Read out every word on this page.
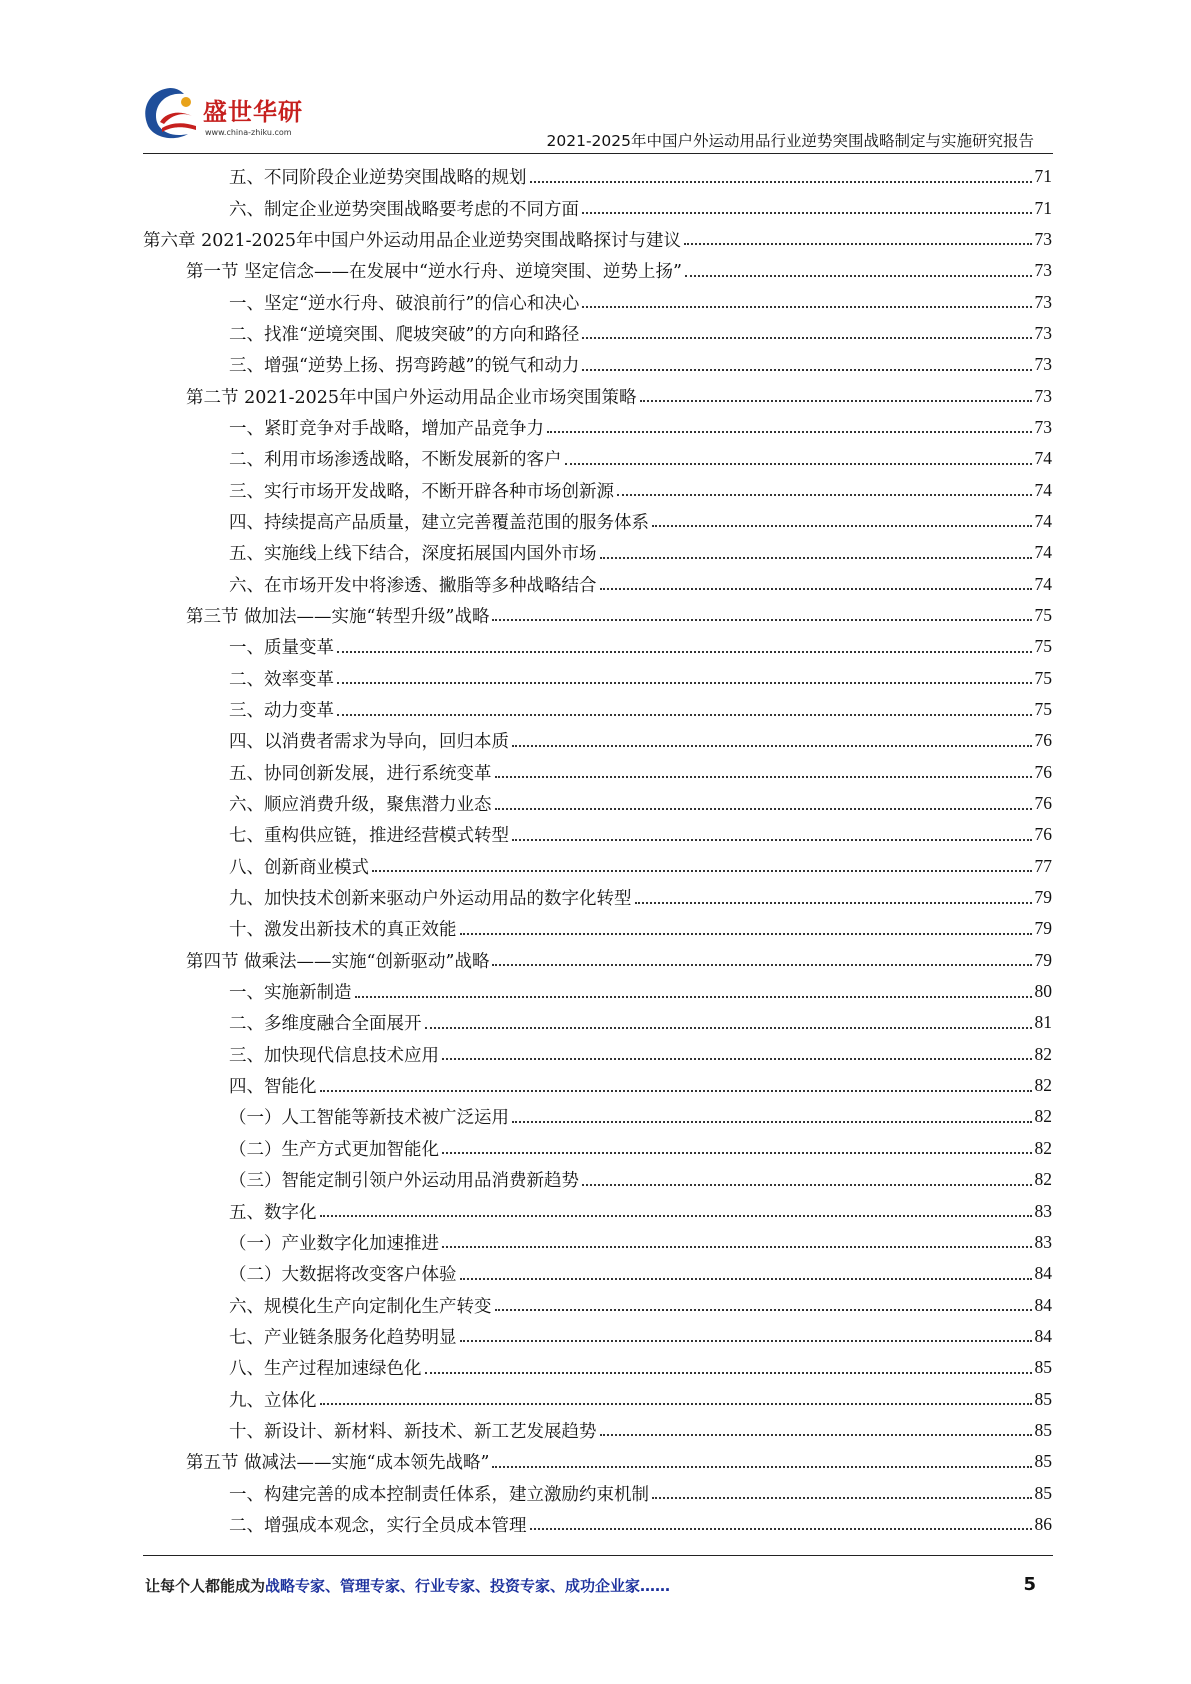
盛世华研
www.china-zhiku.com	2021-2025年中国户外运动用品行业逆势突围战略制定与实施研究报告
五、不同阶段企业逆势突围战略的规划	71
六、制定企业逆势突围战略要考虑的不同方面	71
第六章 2021-2025年中国户外运动用品企业逆势突围战略探讨与建议	73
第一节 坚定信念——在发展中“逆水行舟、逆境突围、逆势上扬”	73
一、坚定“逆水行舟、破浪前行”的信心和决心	73
二、找准“逆境突围、爬坡突破”的方向和路径	73
三、增强“逆势上扬、拐弯跨越”的锐气和动力	73
第二节 2021-2025年中国户外运动用品企业市场突围策略	73
一、紧盯竞争对手战略，增加产品竞争力	73
二、利用市场渗透战略，不断发展新的客户	74
三、实行市场开发战略，不断开辟各种市场创新源	74
四、持续提高产品质量，建立完善覆盖范围的服务体系	74
五、实施线上线下结合，深度拓展国内国外市场	74
六、在市场开发中将渗透、撇脂等多种战略结合	74
第三节 做加法——实施“转型升级”战略	75
一、质量变革	75
二、效率变革	75
三、动力变革	75
四、以消费者需求为导向，回归本质	76
五、协同创新发展，进行系统变革	76
六、顺应消费升级，聚焦潜力业态	76
七、重构供应链，推进经营模式转型	76
八、创新商业模式	77
九、加快技术创新来驱动户外运动用品的数字化转型	79
十、激发出新技术的真正效能	79
第四节 做乘法——实施“创新驱动”战略	79
一、实施新制造	80
二、多维度融合全面展开	81
三、加快现代信息技术应用	82
四、智能化	82
（一）人工智能等新技术被广泛运用	82
（二）生产方式更加智能化	82
（三）智能定制引领户外运动用品消费新趋势	82
五、数字化	83
（一）产业数字化加速推进	83
（二）大数据将改变客户体验	84
六、规模化生产向定制化生产转变	84
七、产业链条服务化趋势明显	84
八、生产过程加速绿色化	85
九、立体化	85
十、新设计、新材料、新技术、新工艺发展趋势	85
第五节 做减法——实施“成本领先战略”	85
一、构建完善的成本控制责任体系，建立激励约束机制	85
二、增强成本观念，实行全员成本管理	86
让每个人都能成为战略专家、管理专家、行业专家、投资专家、成功企业家……	5
